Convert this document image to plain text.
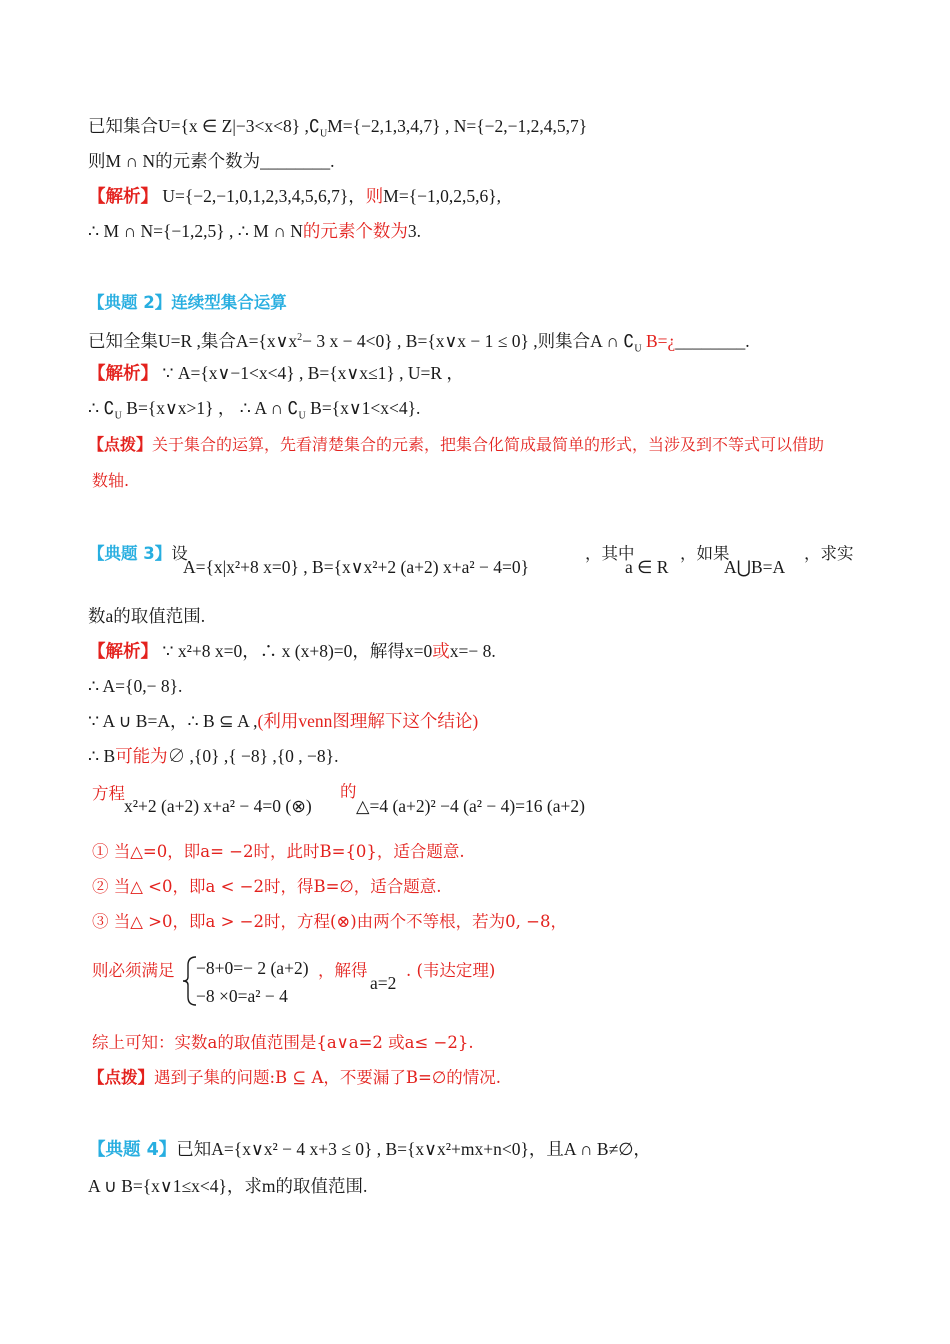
已知集合U={x ∈ Z|−3<x<8} $,∁_UM=\{-2,1,3,4,7\}$ , N={−2,−1,2,4,5,7}
则M ∩ N的元素个数为________.
【解析】 U={−2,−1,0,1,2,3,4,5,6,7}，则M={−1,0,2,5,6},
∴ M ∩ N={−1,2,5} , ∴ M ∩ N的元素个数为3.
【典题 2】连续型集合运算
已知全集U=R ,集合$A=\{x\vee x^2- 3$ x − 4<0} , B={x∨x − 1 ≤ 0} ,则集合A ∩ $∁_U$ B=¿________.
【解析】 ∵ A={x∨−1<x<4} , B={x∨x≤1} , U=R ，
∴ $∁_U$ B={x∨x>1} ， ∴ A ∩ $∁_U$ B={x∨1<x<4}.
【点拨】关于集合的运算，先看清楚集合的元素，把集合化简成最简单的形式，当涉及到不等式可以借助
数轴.
【典题 3】设
A={x|x²+8 x=0} , B={x∨x²+2 (a+2) x+a² − 4=0}
，其中
a ∈ R
，如果
A⋃B=A
，求实
数a的取值范围.
【解析】 ∵ x²+8 x=0，∴ x (x+8)=0，解得x=0或x=− 8.
∴ A={0,− 8}.
∵ A ∪ B=A，∴ B ⊆ A ,(利用venn图理解下这个结论)
∴ B可能为∅ ,{0} ,{ −8} ,{0 , −8}.
方程
x²+2 (a+2) x+a² − 4=0 (⊗)
的
△=4 (a+2)² −4 (a² − 4)=16 (a+2)
① 当△=0，即a= −2时，此时B={0}，适合题意.
② 当△ <0，即a < −2时，得B=∅，适合题意.
③ 当△ >0，即a > −2时，方程(⊗)由两个不等根，若为0, −8，
则必须满足 −8+0=− 2 (a+2)
−8 ×0=a² − 4
，解得
a=2
. (韦达定理)
综上可知：实数a的取值范围是{a∨a=2 或a≤ −2}.
【点拨】遇到子集的问题:B ⊆ A，不要漏了B=∅的情况.
【典题 4】已知A={x∨x² − 4 x+3 ≤ 0} , B={x∨x²+mx+n<0}，且A ∩ B≠∅，
A ∪ B={x∨1≤x<4}，求m的取值范围.
